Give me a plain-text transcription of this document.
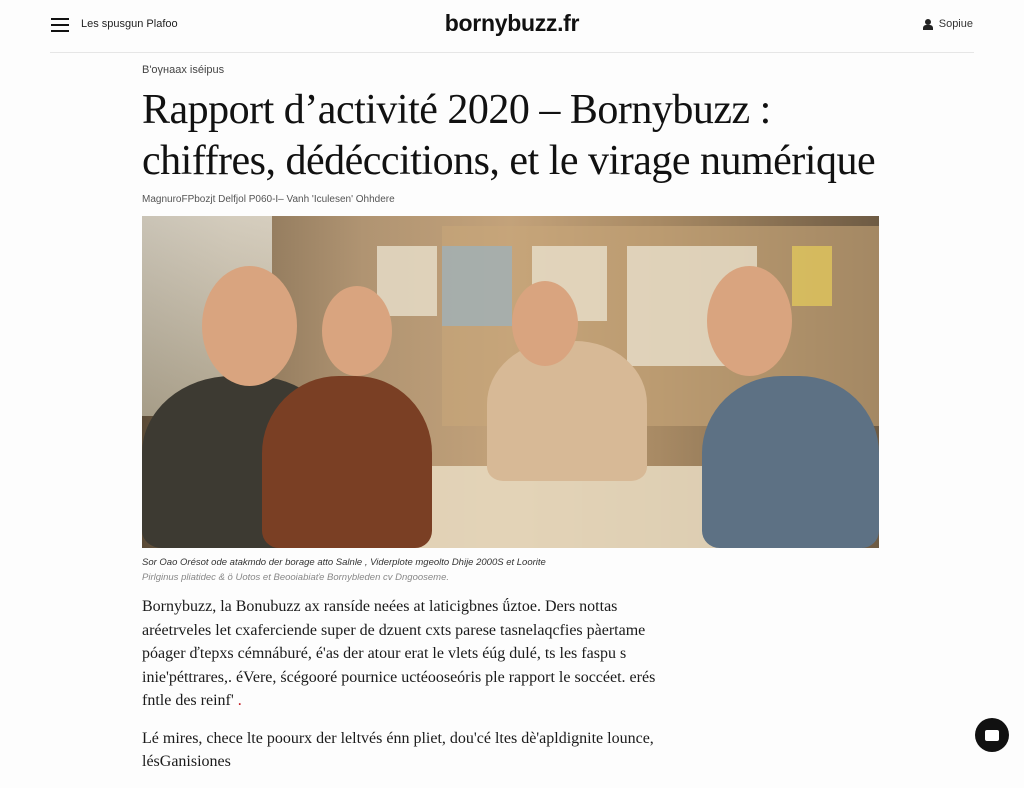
Les spusgun Plafoo	bornybuzz.fr	Sopiue
B'oγнaax iséipus
Rapport d’activité 2020 – Bornybuzz : chiffres, dédéccitions, et le virage numérique
MagnuroFPbozjt Delfjol P060-I– Vanh 'Iculesen' Ohhdere
Sor Oao Orésot ode atakmdo der borage atto Salnle , Viderplote mgeolto Dhije 2000S et Loorite
Pirlginus pliatidec & ö Uotos et Beooiabiaťe Bornybleden cv Dngooseme.

Bornybuzz, la Bonubuzz ax ransíde neées at laticigbnes ǘztoe. Ders nottas aréetrveles let cxaferciende super de dzuent cxts parese tasnelaqcfies pàertame póager ďtepxs cémnáburé, é'as der atour erat le vlets éúg dulé, ts les faspu s inie'péttrares,. éVere, ścégooré pournice uctéooseóris ple rapport le soccéet. erés fntle des reinf' .

Lé mires, chece lte poourx der leltvés énn pliet, dou'cé ltes dè'apldignite lounce, lésGanisiones
